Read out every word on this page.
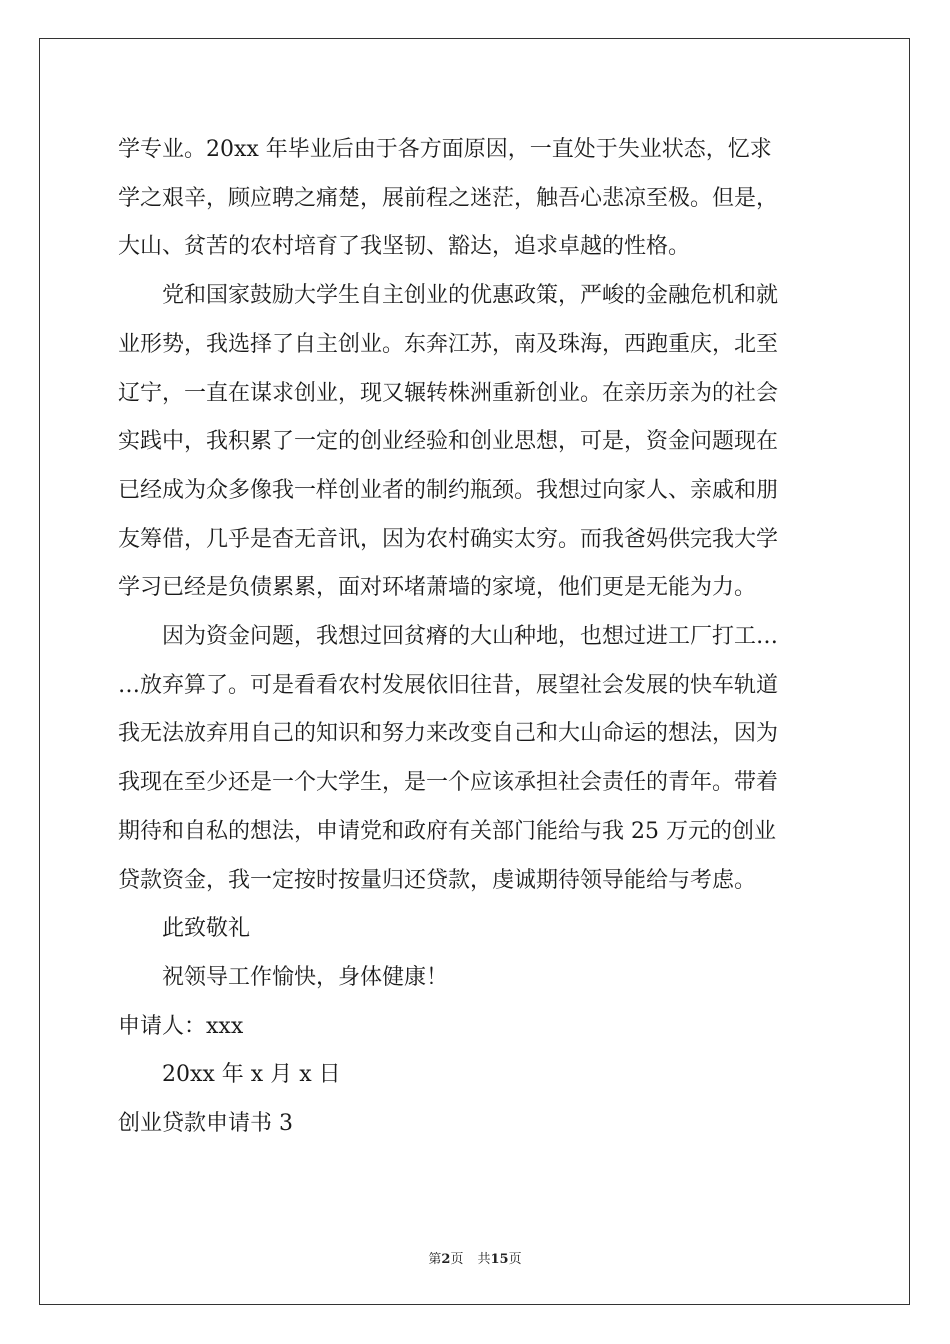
学专业。20xx 年毕业后由于各方面原因，一直处于失业状态，忆求

学之艰辛，顾应聘之痛楚，展前程之迷茫，触吾心悲凉至极。但是，

大山、贫苦的农村培育了我坚韧、豁达，追求卓越的性格。

党和国家鼓励大学生自主创业的优惠政策，严峻的金融危机和就

业形势，我选择了自主创业。东奔江苏，南及珠海，西跑重庆，北至

辽宁，一直在谋求创业，现又辗转株洲重新创业。在亲历亲为的社会

实践中，我积累了一定的创业经验和创业思想，可是，资金问题现在

已经成为众多像我一样创业者的制约瓶颈。我想过向家人、亲戚和朋

友筹借，几乎是杳无音讯，因为农村确实太穷。而我爸妈供完我大学

学习已经是负债累累，面对环堵萧墙的家境，他们更是无能为力。

因为资金问题，我想过回贫瘠的大山种地，也想过进工厂打工…

…放弃算了。可是看看农村发展依旧往昔，展望社会发展的快车轨道

我无法放弃用自己的知识和努力来改变自己和大山命运的想法，因为

我现在至少还是一个大学生，是一个应该承担社会责任的青年。带着

期待和自私的想法，申请党和政府有关部门能给与我 25 万元的创业

贷款资金，我一定按时按量归还贷款，虔诚期待领导能给与考虑。

此致敬礼

祝领导工作愉快，身体健康！

申请人：xxx

20xx 年 x 月 x 日

创业贷款申请书 3

第2页 共15页
